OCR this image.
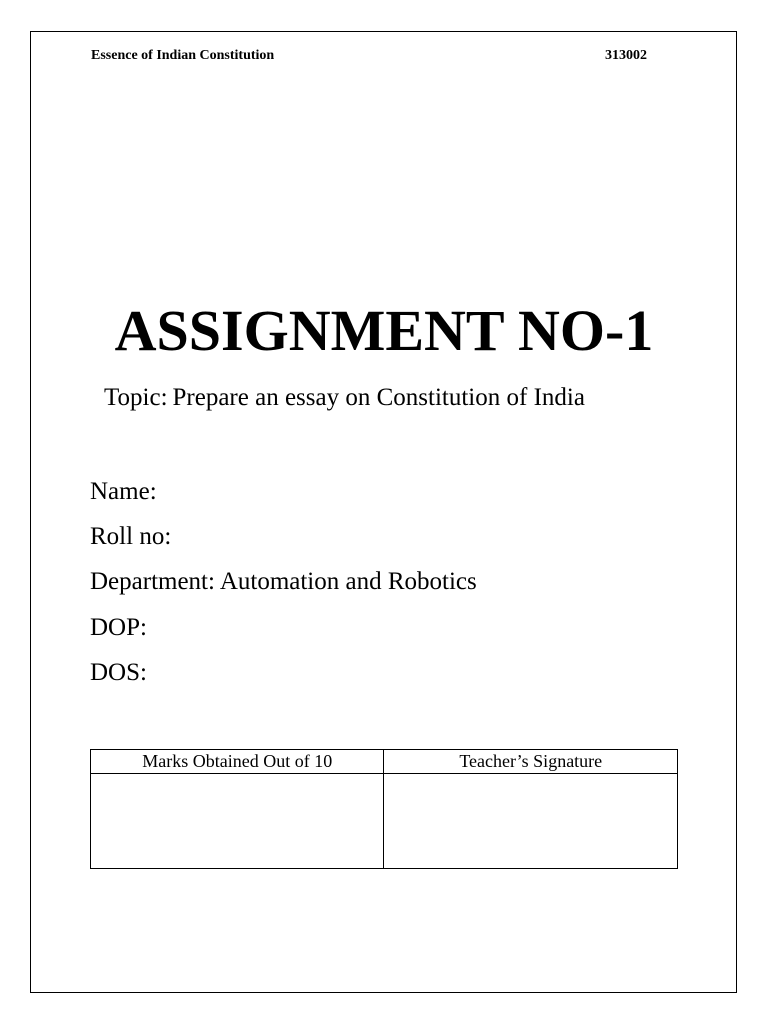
Essence of Indian Constitution	313002
ASSIGNMENT NO-1
Topic: Prepare an essay on Constitution of India
Name:
Roll no:
Department: Automation and Robotics
DOP:
DOS:
Marks Obtained Out of 10	Teacher’s Signature
